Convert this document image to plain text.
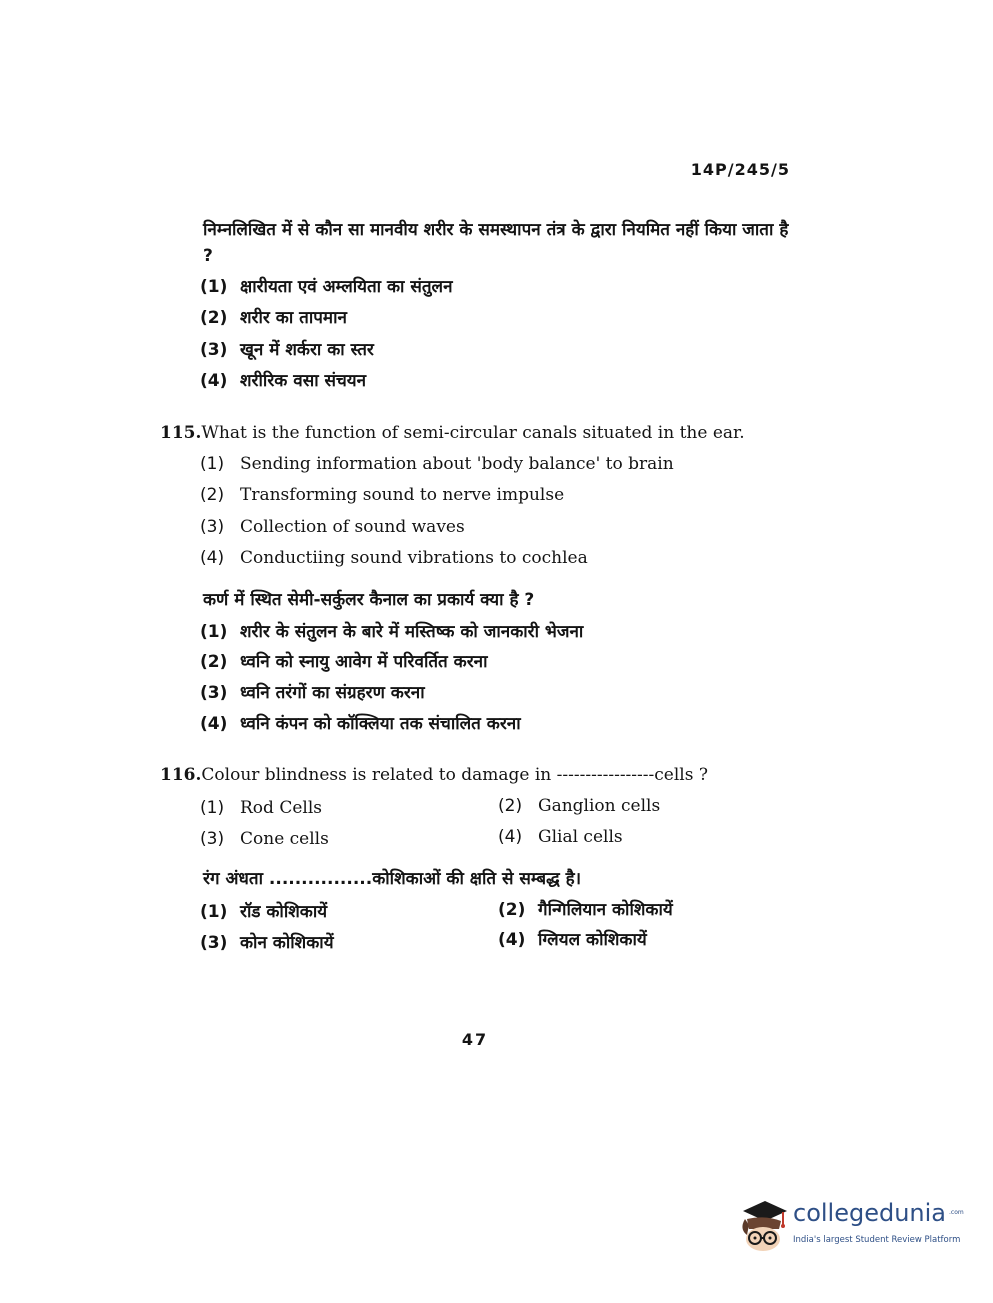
14P/245/5
निम्नलिखित में से कौन सा मानवीय शरीर के समस्थापन तंत्र के द्वारा नियमित नहीं किया जाता है ?
(1) क्षारीयता एवं अम्लयिता का संतुलन
(2) शरीर का तापमान
(3) खून में शर्करा का स्तर
(4) शरीरिक वसा संचयन
115.What is the function of semi-circular canals situated in the ear.
(1) Sending information about 'body balance' to brain
(2) Transforming sound to nerve impulse
(3) Collection of sound waves
(4) Conductiing sound vibrations to cochlea
कर्ण में स्थित सेमी-सर्कुलर कैनाल का प्रकार्य क्या है ?
(1) शरीर के संतुलन के बारे में मस्तिष्क को जानकारी भेजना
(2) ध्वनि को स्नायु आवेग में परिवर्तित करना
(3) ध्वनि तरंगों का संग्रहरण करना
(4) ध्वनि कंपन को कॉक्लिया तक संचालित करना
116.Colour blindness is related to damage in -----------------cells ?
(1) Rod Cells	(2) Ganglion cells
(3) Cone cells	(4) Glial cells
रंग अंधता ................कोशिकाओं की क्षति से सम्बद्ध है।
(1) रॉड कोशिकायें	(2) गैन्गिलियान कोशिकायें
(3) कोन कोशिकायें	(4) ग्लियल कोशिकायें
47
collegedunia .com
India's largest Student Review Platform
